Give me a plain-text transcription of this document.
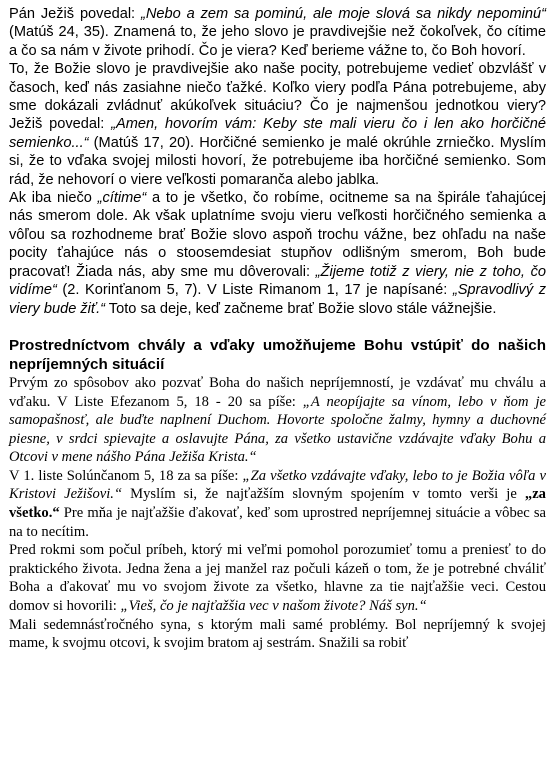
Pán Ježiš povedal: „Nebo a zem sa pominú, ale moje slová sa nikdy nepominú“ (Matúš 24, 35). Znamená to, že jeho slovo je pravdivejšie než čokoľvek, čo cítime a čo sa nám v živote prihodí. Čo je viera? Keď berieme vážne to, čo Boh hovorí.

To, že Božie slovo je pravdivejšie ako naše pocity, potrebujeme vedieť obzvlášť v časoch, keď nás zasiahne niečo ťažké. Koľko viery podľa Pána potrebujeme, aby sme dokázali zvládnuť akúkoľvek situáciu? Čo je najmenšou jednotkou viery? Ježiš povedal: „Amen, hovorím vám: Keby ste mali vieru čo i len ako horčičné semienko...“ (Matúš 17, 20). Horčičné semienko je malé okrúhle zrniečko. Myslím si, že to vďaka svojej milosti hovorí, že potrebujeme iba horčičné semienko. Som rád, že nehovorí o viere veľkosti pomaranča alebo jablka.

Ak iba niečo „cítime“ a to je všetko, čo robíme, ocitneme sa na špirále ťahajúcej nás smerom dole. Ak však uplatníme svoju vieru veľkosti horčičného semienka a vôľou sa rozhodneme brať Božie slovo aspoň trochu vážne, bez ohľadu na naše pocity ťahajúce nás o stoosemdesiat stupňov odlišným smerom, Boh bude pracovať! Žiada nás, aby sme mu dôverovali: „Žijeme totiž z viery, nie z toho, čo vidíme“ (2. Korinťanom 5, 7). V Liste Rimanom 1, 17 je napísané: „Spravodlivý z viery bude žiť.“ Toto sa deje, keď začneme brať Božie slovo stále vážnejšie.

Prostredníctvom chvály a vďaky umožňujeme Bohu vstúpiť do našich nepríjemných situácií

Prvým zo spôsobov ako pozvať Boha do našich nepríjemností, je vzdávať mu chválu a vďaku. V Liste Efezanom 5, 18 - 20 sa píše: „A neopíjajte sa vínom, lebo v ňom je samopašnosť, ale buďte naplnení Duchom. Hovorte spoločne žalmy, hymny a duchovné piesne, v srdci spievajte a oslavujte Pána, za všetko ustavične vzdávajte vďaky Bohu a Otcovi v mene nášho Pána Ježiša Krista.“

V 1. liste Solúnčanom 5, 18 za sa píše: „Za všetko vzdávajte vďaky, lebo to je Božia vôľa v Kristovi Ježišovi.“ Myslím si, že najťažším slovným spojením v tomto verši je „za všetko.“ Pre mňa je najťažšie ďakovať, keď som uprostred nepríjemnej situácie a vôbec sa na to necítim.

Pred rokmi som počul príbeh, ktorý mi veľmi pomohol porozumieť tomu a preniesť to do praktického života. Jedna žena a jej manžel raz počuli kázeň o tom, že je potrebné chváliť Boha a ďakovať mu vo svojom živote za všetko, hlavne za tie najťažšie veci. Cestou domov si hovorili: „Vieš, čo je najťažšia vec v našom živote? Náš syn.“

Mali sedemnásťročného syna, s ktorým mali samé problémy. Bol nepríjemný k svojej mame, k svojmu otcovi, k svojim bratom aj sestrám. Snažili sa robiť
